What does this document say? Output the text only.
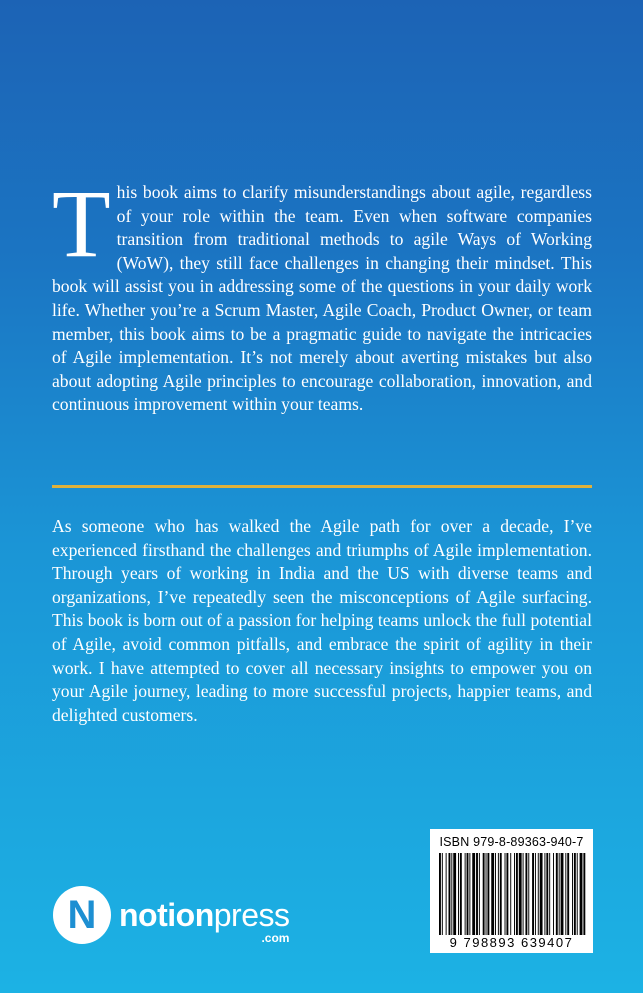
This book aims to clarify misunderstandings about agile, regardless of your role within the team. Even when software companies transition from traditional methods to agile Ways of Working (WoW), they still face challenges in changing their mindset. This book will assist you in addressing some of the questions in your daily work life. Whether you’re a Scrum Master, Agile Coach, Product Owner, or team member, this book aims to be a pragmatic guide to navigate the intricacies of Agile implementation. It’s not merely about averting mistakes but also about adopting Agile principles to encourage collaboration, innovation, and continuous improvement within your teams.

As someone who has walked the Agile path for over a decade, I’ve experienced firsthand the challenges and triumphs of Agile implementation. Through years of working in India and the US with diverse teams and organizations, I’ve repeatedly seen the misconceptions of Agile surfacing. This book is born out of a passion for helping teams unlock the full potential of Agile, avoid common pitfalls, and embrace the spirit of agility in their work. I have attempted to cover all necessary insights to empower you on your Agile journey, leading to more successful projects, happier teams, and delighted customers.

N notionpress
.com
ISBN 979-8-89363-940-7
9 798893 639407
